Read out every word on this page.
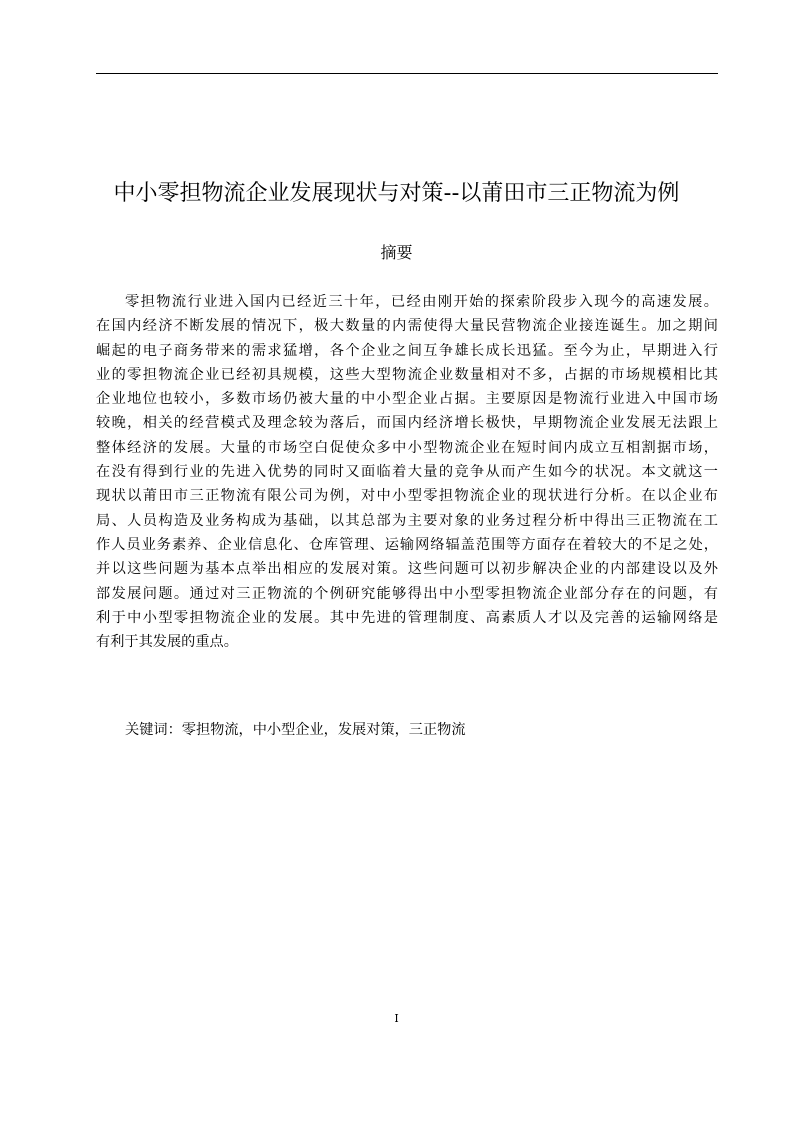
中小零担物流企业发展现状与对策--以莆田市三正物流为例
摘要
零担物流行业进入国内已经近三十年，已经由刚开始的探索阶段步入现今的高速发展。
在国内经济不断发展的情况下，极大数量的内需使得大量民营物流企业接连诞生。加之期间
崛起的电子商务带来的需求猛增，各个企业之间互争雄长成长迅猛。至今为止，早期进入行
业的零担物流企业已经初具规模，这些大型物流企业数量相对不多，占据的市场规模相比其
企业地位也较小，多数市场仍被大量的中小型企业占据。主要原因是物流行业进入中国市场
较晚，相关的经营模式及理念较为落后，而国内经济增长极快，早期物流企业发展无法跟上
整体经济的发展。大量的市场空白促使众多中小型物流企业在短时间内成立互相割据市场，
在没有得到行业的先进入优势的同时又面临着大量的竞争从而产生如今的状况。本文就这一
现状以莆田市三正物流有限公司为例，对中小型零担物流企业的现状进行分析。在以企业布
局、人员构造及业务构成为基础，以其总部为主要对象的业务过程分析中得出三正物流在工
作人员业务素养、企业信息化、仓库管理、运输网络辐盖范围等方面存在着较大的不足之处，
并以这些问题为基本点举出相应的发展对策。这些问题可以初步解决企业的内部建设以及外
部发展问题。通过对三正物流的个例研究能够得出中小型零担物流企业部分存在的问题，有
利于中小型零担物流企业的发展。其中先进的管理制度、高素质人才以及完善的运输网络是
有利于其发展的重点。
关键词：零担物流，中小型企业，发展对策，三正物流
I
